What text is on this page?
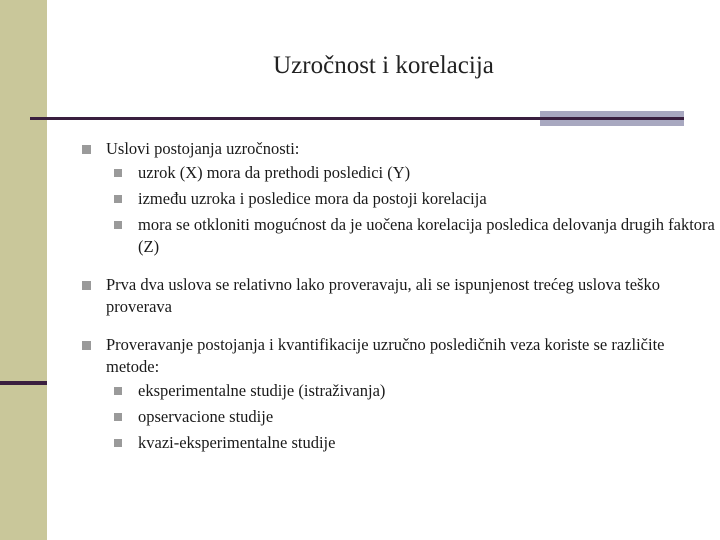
Uzročnost i korelacija
Uslovi postojanja uzročnosti:
uzrok (X) mora da prethodi posledici (Y)
između uzroka i posledice mora da postoji korelacija
mora se otkloniti mogućnost da je uočena korelacija posledica delovanja drugih faktora (Z)
Prva dva uslova se relativno lako proveravaju, ali se ispunjenost trećeg uslova teško proverava
Proveravanje postojanja i kvantifikacije uzručno posledičnih veza koriste se različite metode:
eksperimentalne studije (istraživanja)
opservacione studije
kvazi-eksperimentalne studije
